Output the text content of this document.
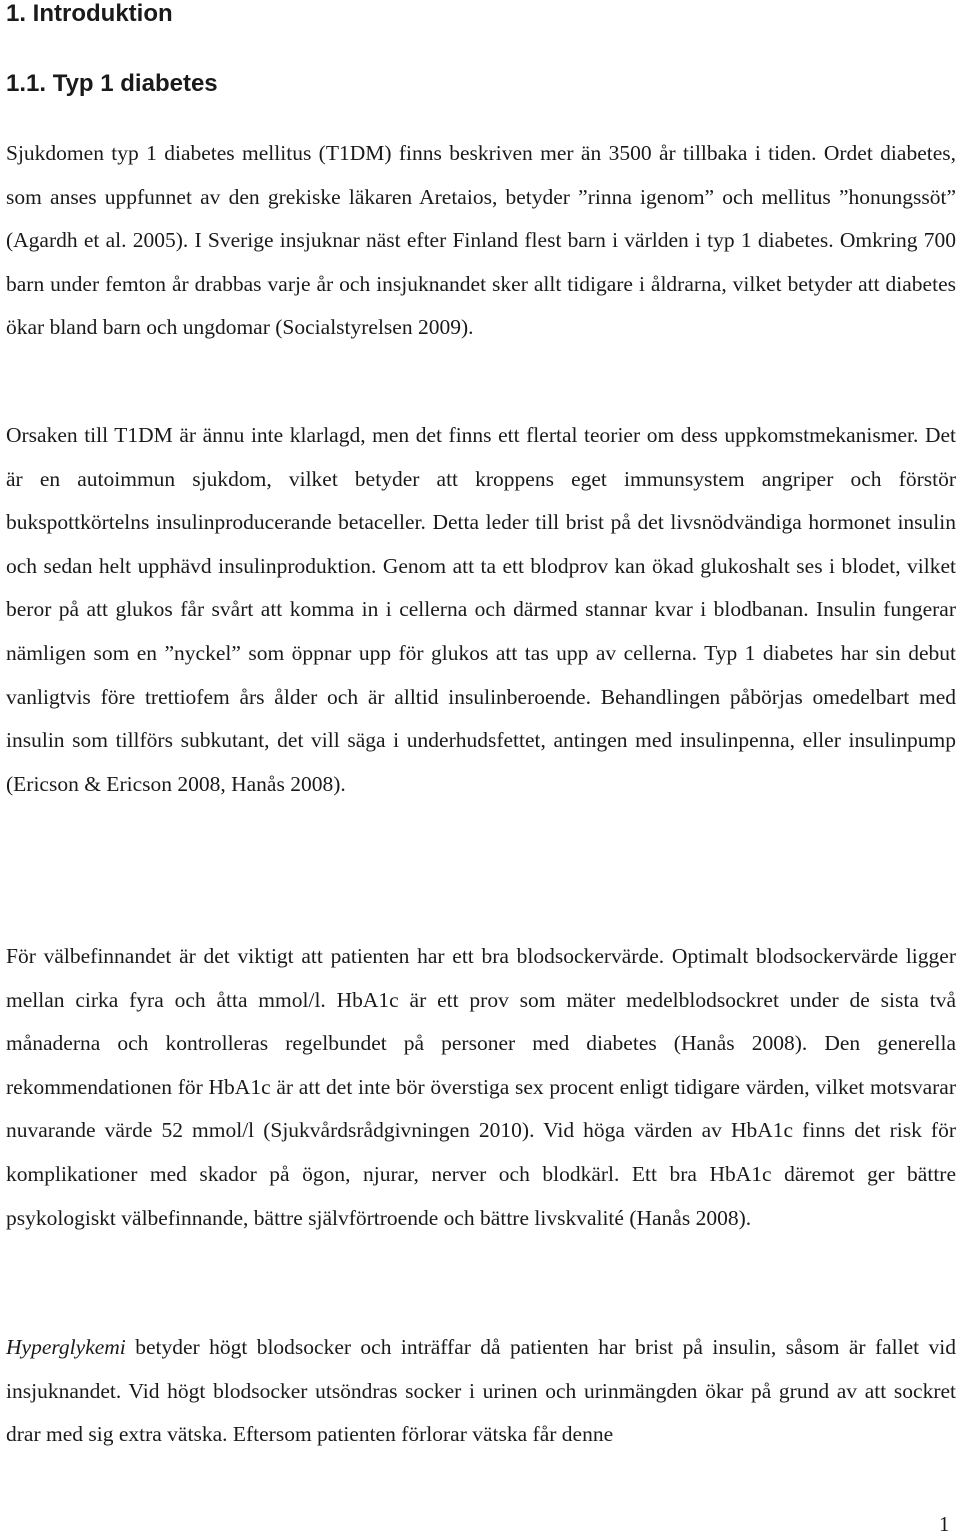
1. Introduktion
1.1. Typ 1 diabetes

Sjukdomen typ 1 diabetes mellitus (T1DM) finns beskriven mer än 3500 år tillbaka i tiden. Ordet diabetes, som anses uppfunnet av den grekiske läkaren Aretaios, betyder ”rinna igenom” och mellitus ”honungssöt” (Agardh et al. 2005). I Sverige insjuknar näst efter Finland flest barn i världen i typ 1 diabetes. Omkring 700 barn under femton år drabbas varje år och insjuknandet sker allt tidigare i åldrarna, vilket betyder att diabetes ökar bland barn och ungdomar (Socialstyrelsen 2009).

Orsaken till T1DM är ännu inte klarlagd, men det finns ett flertal teorier om dess uppkomstmekanismer. Det är en autoimmun sjukdom, vilket betyder att kroppens eget immunsystem angriper och förstör bukspottkörtelns insulinproducerande betaceller. Detta leder till brist på det livsnödvändiga hormonet insulin och sedan helt upphävd insulinproduktion. Genom att ta ett blodprov kan ökad glukoshalt ses i blodet, vilket beror på att glukos får svårt att komma in i cellerna och därmed stannar kvar i blodbanan. Insulin fungerar nämligen som en ”nyckel” som öppnar upp för glukos att tas upp av cellerna. Typ 1 diabetes har sin debut vanligtvis före trettiofem års ålder och är alltid insulinberoende. Behandlingen påbörjas omedelbart med insulin som tillförs subkutant, det vill säga i underhudsfettet, antingen med insulinpenna, eller insulinpump (Ericson & Ericson 2008, Hanås 2008).

För välbefinnandet är det viktigt att patienten har ett bra blodsockervärde. Optimalt blodsockervärde ligger mellan cirka fyra och åtta mmol/l. HbA1c är ett prov som mäter medelblodsockret under de sista två månaderna och kontrolleras regelbundet på personer med diabetes (Hanås 2008). Den generella rekommendationen för HbA1c är att det inte bör överstiga sex procent enligt tidigare värden, vilket motsvarar nuvarande värde 52 mmol/l (Sjukvårdsrådgivningen 2010). Vid höga värden av HbA1c finns det risk för komplikationer med skador på ögon, njurar, nerver och blodkärl. Ett bra HbA1c däremot ger bättre psykologiskt välbefinnande, bättre självförtroende och bättre livskvalité (Hanås 2008).

Hyperglykemi betyder högt blodsocker och inträffar då patienten har brist på insulin, såsom är fallet vid insjuknandet. Vid högt blodsocker utsöndras socker i urinen och urinmängden ökar på grund av att sockret drar med sig extra vätska. Eftersom patienten förlorar vätska får denne

1
